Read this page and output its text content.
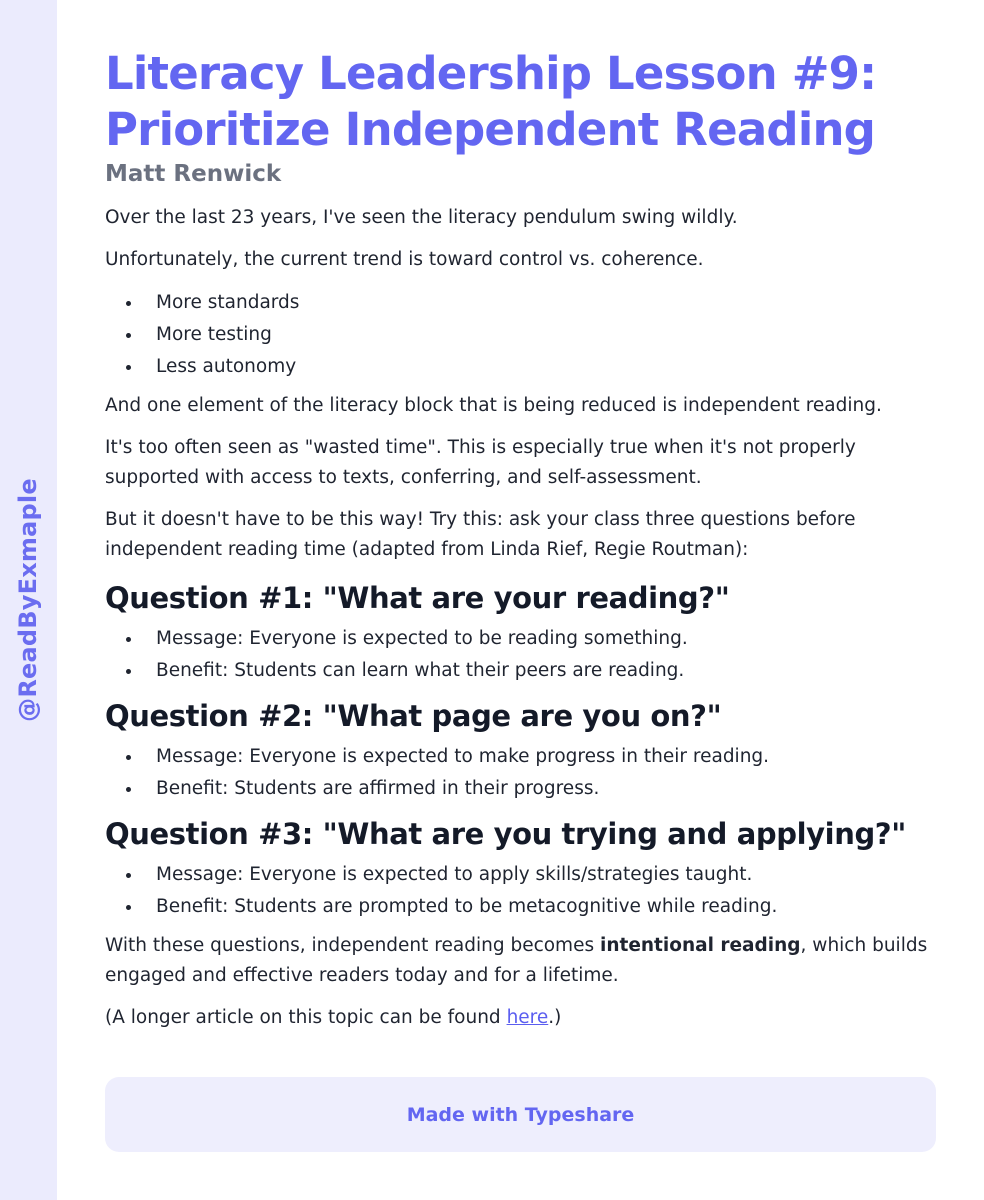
@ReadByExmaple
Literacy Leadership Lesson #9:
Prioritize Independent Reading
Matt Renwick

Over the last 23 years, I've seen the literacy pendulum swing wildly.

Unfortunately, the current trend is toward control vs. coherence.

More standards
More testing
Less autonomy

And one element of the literacy block that is being reduced is independent reading.

It's too often seen as "wasted time". This is especially true when it's not properly supported with access to texts, conferring, and self-assessment.

But it doesn't have to be this way! Try this: ask your class three questions before independent reading time (adapted from Linda Rief, Regie Routman):

Question #1: "What are your reading?"
Message: Everyone is expected to be reading something.
Benefit: Students can learn what their peers are reading.
Question #2: "What page are you on?"
Message: Everyone is expected to make progress in their reading.
Benefit: Students are affirmed in their progress.
Question #3: "What are you trying and applying?"
Message: Everyone is expected to apply skills/strategies taught.
Benefit: Students are prompted to be metacognitive while reading.

With these questions, independent reading becomes intentional reading, which builds engaged and effective readers today and for a lifetime.

(A longer article on this topic can be found here.)

Made with Typeshare
